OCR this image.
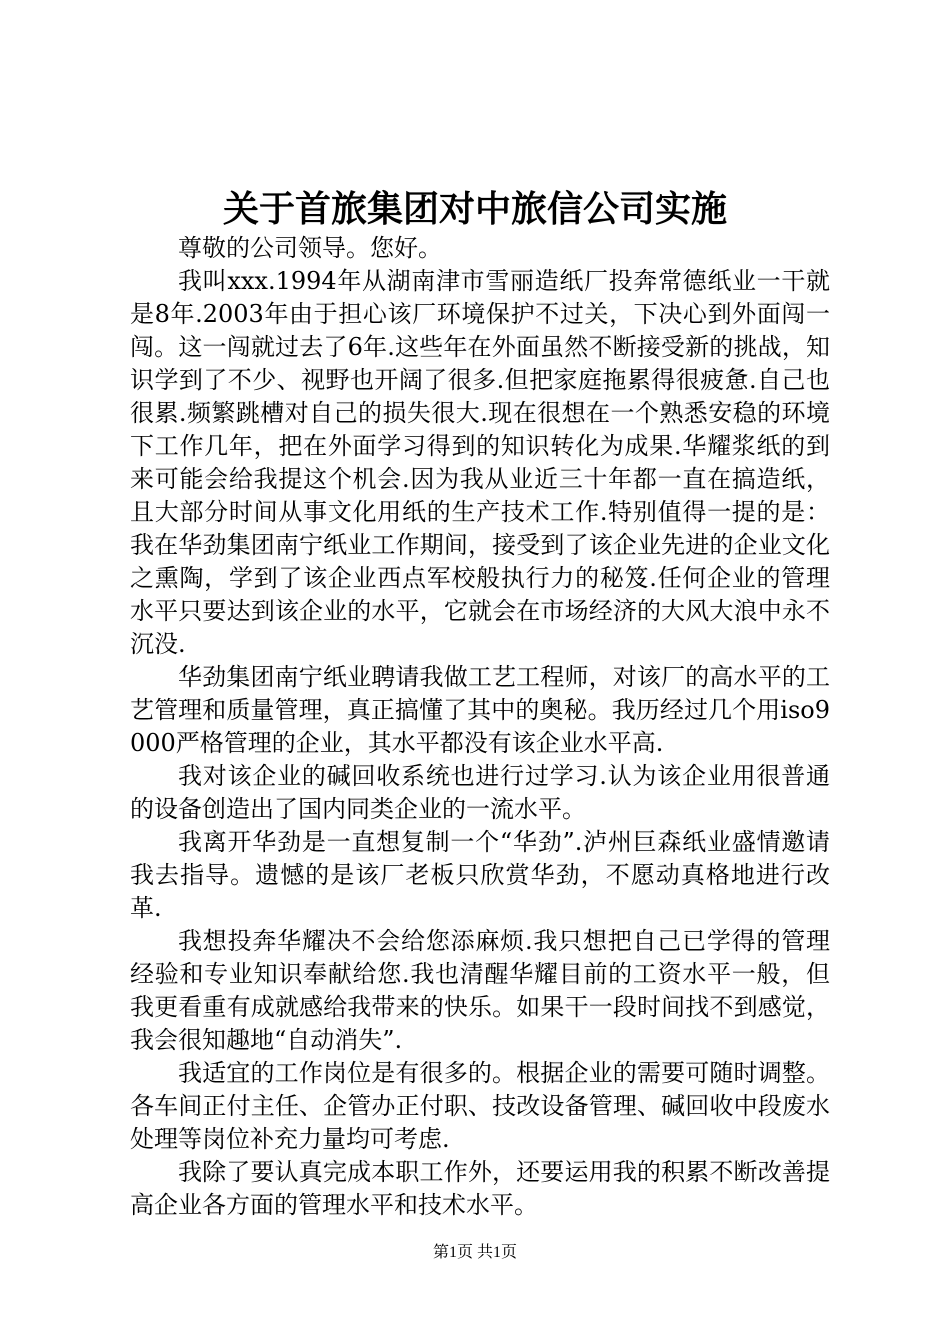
关于首旅集团对中旅信公司实施

尊敬的公司领导。您好。

我叫xxx.1994年从湖南津市雪丽造纸厂投奔常德纸业一干就是8年.2003年由于担心该厂环境保护不过关，下决心到外面闯一闯。这一闯就过去了6年.这些年在外面虽然不断接受新的挑战，知识学到了不少、视野也开阔了很多.但把家庭拖累得很疲惫.自己也很累.频繁跳槽对自己的损失很大.现在很想在一个熟悉安稳的环境下工作几年，把在外面学习得到的知识转化为成果.华耀浆纸的到来可能会给我提这个机会.因为我从业近三十年都一直在搞造纸，且大部分时间从事文化用纸的生产技术工作.特别值得一提的是：我在华劲集团南宁纸业工作期间，接受到了该企业先进的企业文化之熏陶，学到了该企业西点军校般执行力的秘笈.任何企业的管理水平只要达到该企业的水平，它就会在市场经济的大风大浪中永不沉没.

华劲集团南宁纸业聘请我做工艺工程师，对该厂的高水平的工艺管理和质量管理，真正搞懂了其中的奥秘。我历经过几个用iso9000严格管理的企业，其水平都没有该企业水平高.

我对该企业的碱回收系统也进行过学习.认为该企业用很普通的设备创造出了国内同类企业的一流水平。

我离开华劲是一直想复制一个“华劲”.泸州巨森纸业盛情邀请我去指导。遗憾的是该厂老板只欣赏华劲，不愿动真格地进行改革.

我想投奔华耀决不会给您添麻烦.我只想把自己已学得的管理经验和专业知识奉献给您.我也清醒华耀目前的工资水平一般，但我更看重有成就感给我带来的快乐。如果干一段时间找不到感觉，我会很知趣地“自动消失”.

我适宜的工作岗位是有很多的。根据企业的需要可随时调整。各车间正付主任、企管办正付职、技改设备管理、碱回收中段废水处理等岗位补充力量均可考虑.

我除了要认真完成本职工作外，还要运用我的积累不断改善提高企业各方面的管理水平和技术水平。

第1页 共1页
